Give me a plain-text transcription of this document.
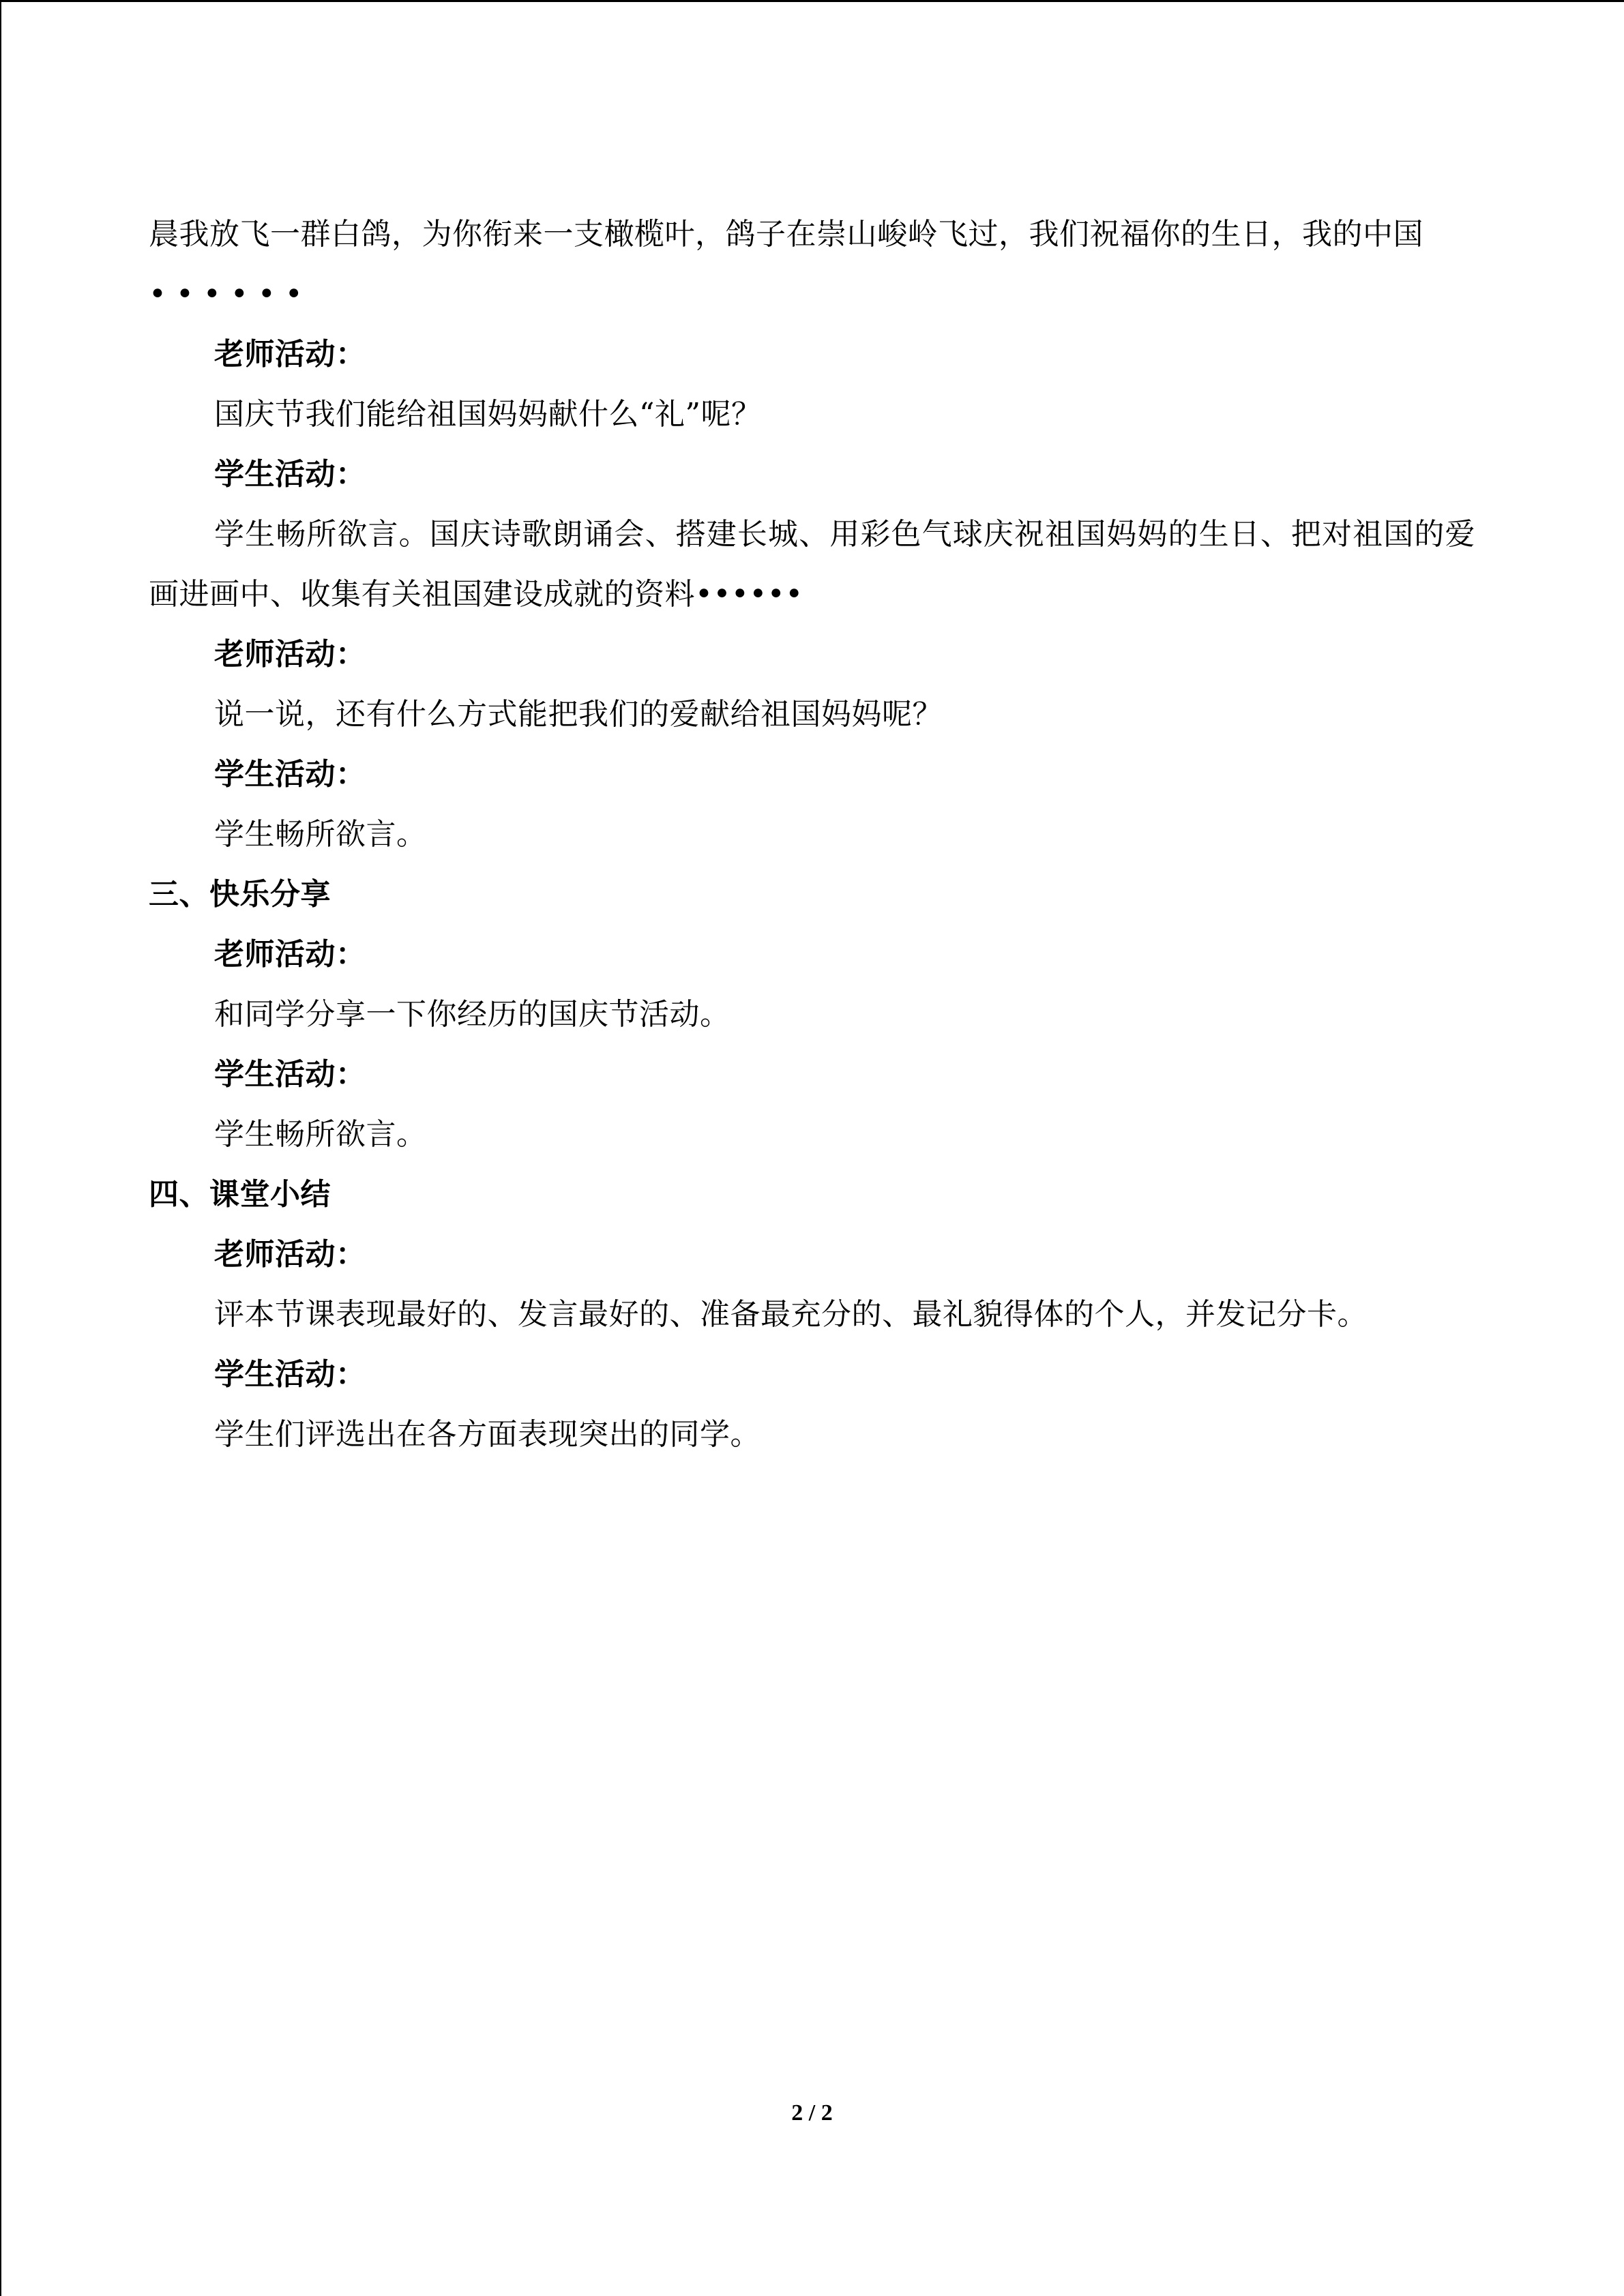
晨我放飞一群白鸽，为你衔来一支橄榄叶，鸽子在崇山峻岭飞过，我们祝福你的生日，我的中国

••••••

老师活动：

国庆节我们能给祖国妈妈献什么“礼”呢？

学生活动：

学生畅所欲言。国庆诗歌朗诵会、搭建长城、用彩色气球庆祝祖国妈妈的生日、把对祖国的爱画进画中、收集有关祖国建设成就的资料••••••

老师活动：

说一说，还有什么方式能把我们的爱献给祖国妈妈呢？

学生活动：

学生畅所欲言。

三、快乐分享

老师活动：

和同学分享一下你经历的国庆节活动。

学生活动：

学生畅所欲言。

四、课堂小结

老师活动：

评本节课表现最好的、发言最好的、准备最充分的、最礼貌得体的个人，并发记分卡。

学生活动：

学生们评选出在各方面表现突出的同学。

2 / 2
